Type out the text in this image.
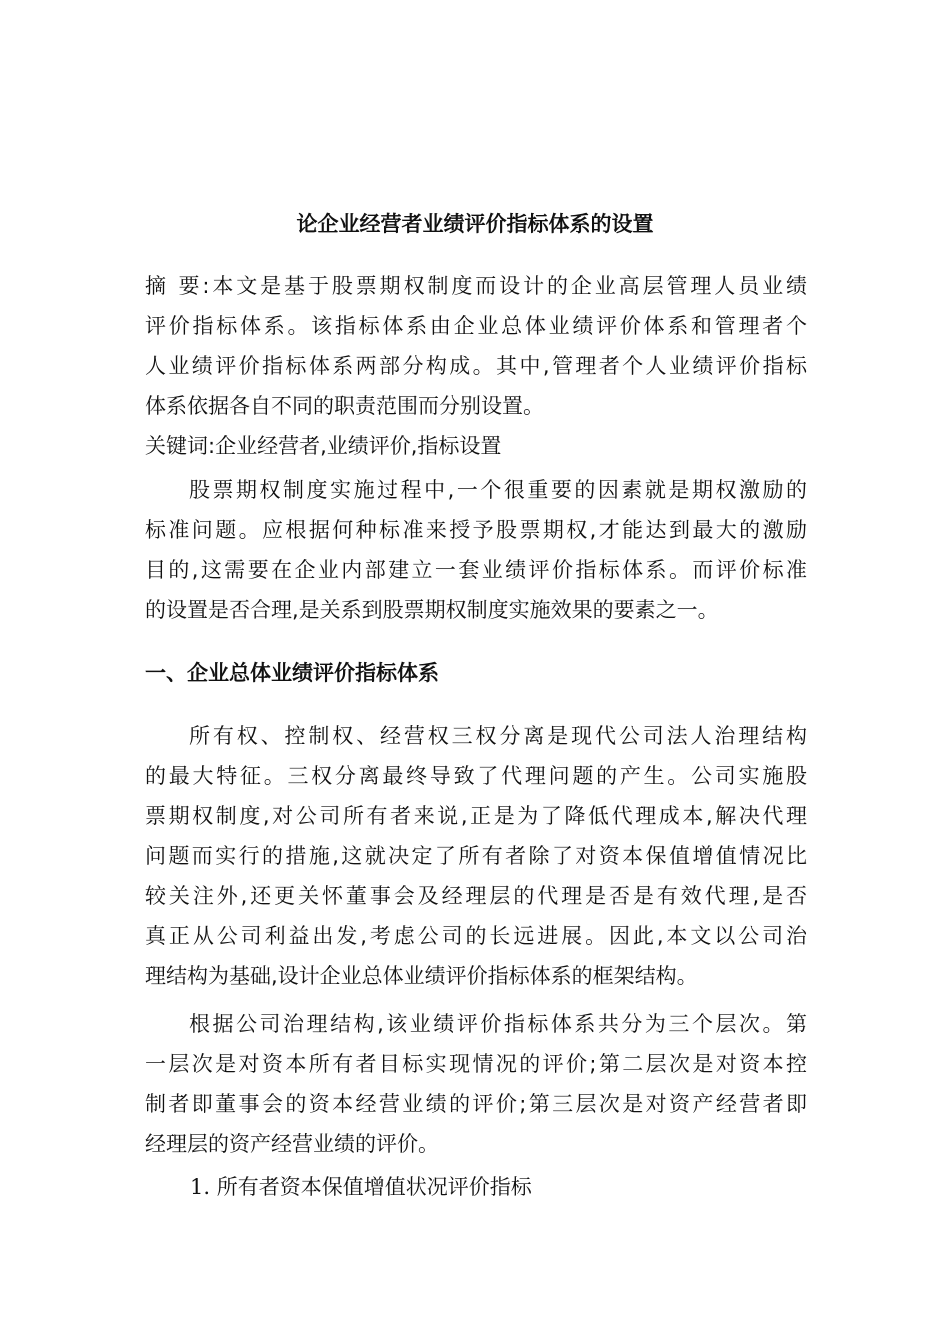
论企业经营者业绩评价指标体系的设置
摘 要:本文是基于股票期权制度而设计的企业高层管理人员业绩
评价指标体系。该指标体系由企业总体业绩评价体系和管理者个
人业绩评价指标体系两部分构成。其中,管理者个人业绩评价指标
体系依据各自不同的职责范围而分别设置。
关键词:企业经营者,业绩评价,指标设置
股票期权制度实施过程中,一个很重要的因素就是期权激励的
标准问题。应根据何种标准来授予股票期权,才能达到最大的激励
目的,这需要在企业内部建立一套业绩评价指标体系。而评价标准
的设置是否合理,是关系到股票期权制度实施效果的要素之一。
一、企业总体业绩评价指标体系
所有权、控制权、经营权三权分离是现代公司法人治理结构
的最大特征。三权分离最终导致了代理问题的产生。公司实施股
票期权制度,对公司所有者来说,正是为了降低代理成本,解决代理
问题而实行的措施,这就决定了所有者除了对资本保值增值情况比
较关注外,还更关怀董事会及经理层的代理是否是有效代理,是否
真正从公司利益出发,考虑公司的长远进展。因此,本文以公司治
理结构为基础,设计企业总体业绩评价指标体系的框架结构。
根据公司治理结构,该业绩评价指标体系共分为三个层次。第
一层次是对资本所有者目标实现情况的评价;第二层次是对资本控
制者即董事会的资本经营业绩的评价;第三层次是对资产经营者即
经理层的资产经营业绩的评价。
1. 所有者资本保值增值状况评价指标
